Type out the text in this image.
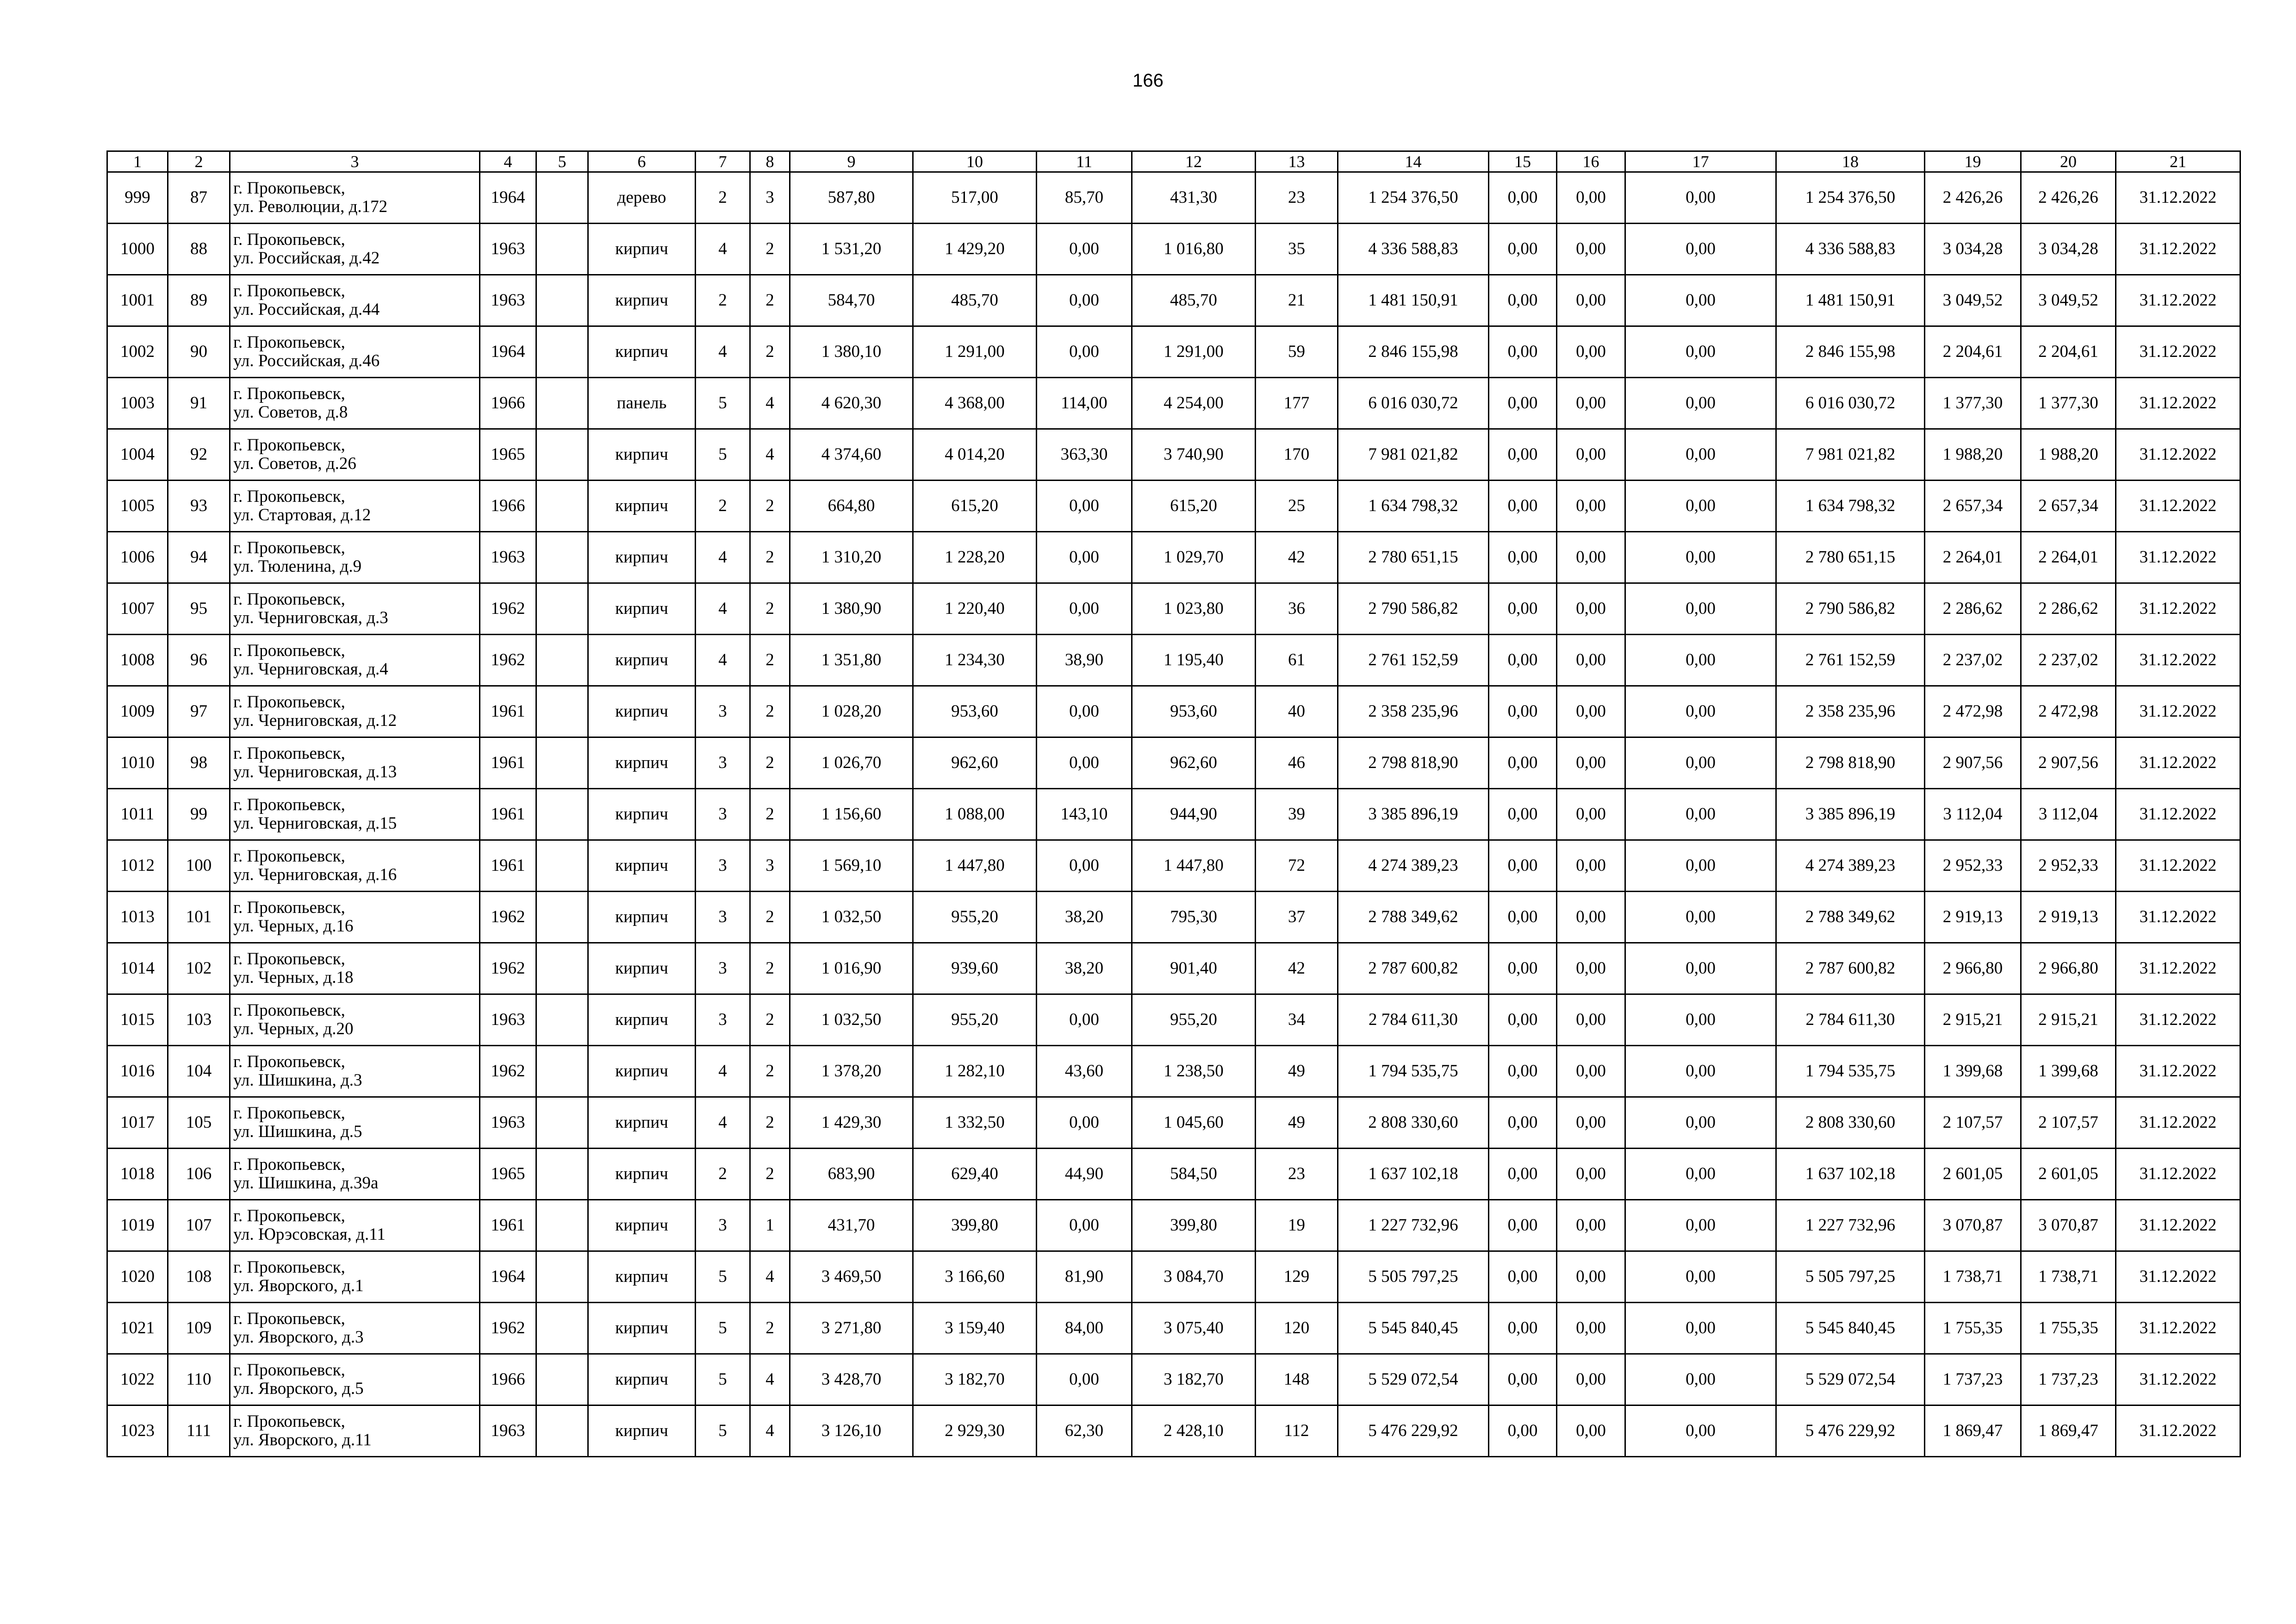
166
1	2	3	4	5	6	7	8	9	10	11	12	13	14	15	16	17	18	19	20	21
999	87	г. Прокопьевск,
ул. Революции, д.172	1964		дерево	2	3	587,80	517,00	85,70	431,30	23	1 254 376,50	0,00	0,00	0,00	1 254 376,50	2 426,26	2 426,26	31.12.2022
1000	88	г. Прокопьевск,
ул. Российская, д.42	1963		кирпич	4	2	1 531,20	1 429,20	0,00	1 016,80	35	4 336 588,83	0,00	0,00	0,00	4 336 588,83	3 034,28	3 034,28	31.12.2022
1001	89	г. Прокопьевск,
ул. Российская, д.44	1963		кирпич	2	2	584,70	485,70	0,00	485,70	21	1 481 150,91	0,00	0,00	0,00	1 481 150,91	3 049,52	3 049,52	31.12.2022
1002	90	г. Прокопьевск,
ул. Российская, д.46	1964		кирпич	4	2	1 380,10	1 291,00	0,00	1 291,00	59	2 846 155,98	0,00	0,00	0,00	2 846 155,98	2 204,61	2 204,61	31.12.2022
1003	91	г. Прокопьевск,
ул. Советов, д.8	1966		панель	5	4	4 620,30	4 368,00	114,00	4 254,00	177	6 016 030,72	0,00	0,00	0,00	6 016 030,72	1 377,30	1 377,30	31.12.2022
1004	92	г. Прокопьевск,
ул. Советов, д.26	1965		кирпич	5	4	4 374,60	4 014,20	363,30	3 740,90	170	7 981 021,82	0,00	0,00	0,00	7 981 021,82	1 988,20	1 988,20	31.12.2022
1005	93	г. Прокопьевск,
ул. Стартовая, д.12	1966		кирпич	2	2	664,80	615,20	0,00	615,20	25	1 634 798,32	0,00	0,00	0,00	1 634 798,32	2 657,34	2 657,34	31.12.2022
1006	94	г. Прокопьевск,
ул. Тюленина, д.9	1963		кирпич	4	2	1 310,20	1 228,20	0,00	1 029,70	42	2 780 651,15	0,00	0,00	0,00	2 780 651,15	2 264,01	2 264,01	31.12.2022
1007	95	г. Прокопьевск,
ул. Черниговская, д.3	1962		кирпич	4	2	1 380,90	1 220,40	0,00	1 023,80	36	2 790 586,82	0,00	0,00	0,00	2 790 586,82	2 286,62	2 286,62	31.12.2022
1008	96	г. Прокопьевск,
ул. Черниговская, д.4	1962		кирпич	4	2	1 351,80	1 234,30	38,90	1 195,40	61	2 761 152,59	0,00	0,00	0,00	2 761 152,59	2 237,02	2 237,02	31.12.2022
1009	97	г. Прокопьевск,
ул. Черниговская, д.12	1961		кирпич	3	2	1 028,20	953,60	0,00	953,60	40	2 358 235,96	0,00	0,00	0,00	2 358 235,96	2 472,98	2 472,98	31.12.2022
1010	98	г. Прокопьевск,
ул. Черниговская, д.13	1961		кирпич	3	2	1 026,70	962,60	0,00	962,60	46	2 798 818,90	0,00	0,00	0,00	2 798 818,90	2 907,56	2 907,56	31.12.2022
1011	99	г. Прокопьевск,
ул. Черниговская, д.15	1961		кирпич	3	2	1 156,60	1 088,00	143,10	944,90	39	3 385 896,19	0,00	0,00	0,00	3 385 896,19	3 112,04	3 112,04	31.12.2022
1012	100	г. Прокопьевск,
ул. Черниговская, д.16	1961		кирпич	3	3	1 569,10	1 447,80	0,00	1 447,80	72	4 274 389,23	0,00	0,00	0,00	4 274 389,23	2 952,33	2 952,33	31.12.2022
1013	101	г. Прокопьевск,
ул. Черных, д.16	1962		кирпич	3	2	1 032,50	955,20	38,20	795,30	37	2 788 349,62	0,00	0,00	0,00	2 788 349,62	2 919,13	2 919,13	31.12.2022
1014	102	г. Прокопьевск,
ул. Черных, д.18	1962		кирпич	3	2	1 016,90	939,60	38,20	901,40	42	2 787 600,82	0,00	0,00	0,00	2 787 600,82	2 966,80	2 966,80	31.12.2022
1015	103	г. Прокопьевск,
ул. Черных, д.20	1963		кирпич	3	2	1 032,50	955,20	0,00	955,20	34	2 784 611,30	0,00	0,00	0,00	2 784 611,30	2 915,21	2 915,21	31.12.2022
1016	104	г. Прокопьевск,
ул. Шишкина, д.3	1962		кирпич	4	2	1 378,20	1 282,10	43,60	1 238,50	49	1 794 535,75	0,00	0,00	0,00	1 794 535,75	1 399,68	1 399,68	31.12.2022
1017	105	г. Прокопьевск,
ул. Шишкина, д.5	1963		кирпич	4	2	1 429,30	1 332,50	0,00	1 045,60	49	2 808 330,60	0,00	0,00	0,00	2 808 330,60	2 107,57	2 107,57	31.12.2022
1018	106	г. Прокопьевск,
ул. Шишкина, д.39а	1965		кирпич	2	2	683,90	629,40	44,90	584,50	23	1 637 102,18	0,00	0,00	0,00	1 637 102,18	2 601,05	2 601,05	31.12.2022
1019	107	г. Прокопьевск,
ул. Юрэсовская, д.11	1961		кирпич	3	1	431,70	399,80	0,00	399,80	19	1 227 732,96	0,00	0,00	0,00	1 227 732,96	3 070,87	3 070,87	31.12.2022
1020	108	г. Прокопьевск,
ул. Яворского, д.1	1964		кирпич	5	4	3 469,50	3 166,60	81,90	3 084,70	129	5 505 797,25	0,00	0,00	0,00	5 505 797,25	1 738,71	1 738,71	31.12.2022
1021	109	г. Прокопьевск,
ул. Яворского, д.3	1962		кирпич	5	2	3 271,80	3 159,40	84,00	3 075,40	120	5 545 840,45	0,00	0,00	0,00	5 545 840,45	1 755,35	1 755,35	31.12.2022
1022	110	г. Прокопьевск,
ул. Яворского, д.5	1966		кирпич	5	4	3 428,70	3 182,70	0,00	3 182,70	148	5 529 072,54	0,00	0,00	0,00	5 529 072,54	1 737,23	1 737,23	31.12.2022
1023	111	г. Прокопьевск,
ул. Яворского, д.11	1963		кирпич	5	4	3 126,10	2 929,30	62,30	2 428,10	112	5 476 229,92	0,00	0,00	0,00	5 476 229,92	1 869,47	1 869,47	31.12.2022
